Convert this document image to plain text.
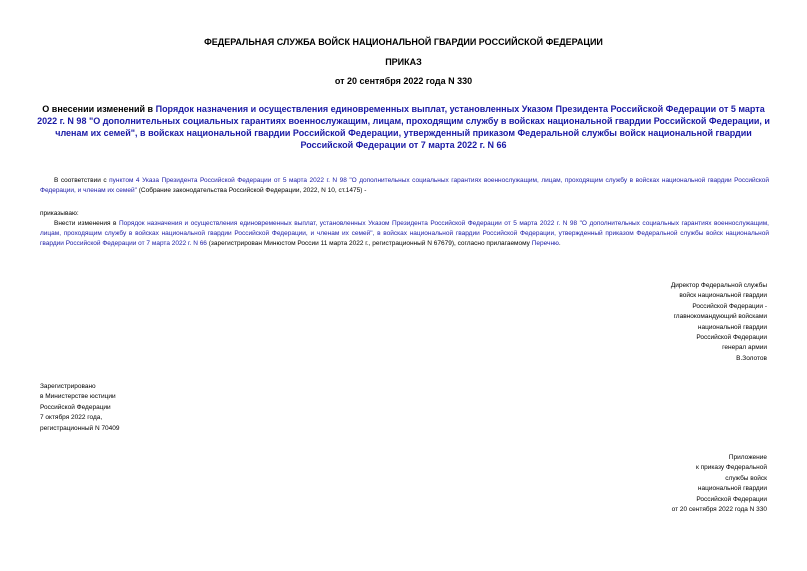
ФЕДЕРАЛЬНАЯ СЛУЖБА ВОЙСК НАЦИОНАЛЬНОЙ ГВАРДИИ РОССИЙСКОЙ ФЕДЕРАЦИИ
ПРИКАЗ
от 20 сентября 2022 года N 330
О внесении изменений в Порядок назначения и осуществления единовременных выплат, установленных Указом Президента Российской Федерации от 5 марта 2022 г. N 98 "О дополнительных социальных гарантиях военнослужащим, лицам, проходящим службу в войсках национальной гвардии Российской Федерации, и членам их семей", в войсках национальной гвардии Российской Федерации, утвержденный приказом Федеральной службы войск национальной гвардии Российской Федерации от 7 марта 2022 г. N 66
В соответствии с пунктом 4 Указа Президента Российской Федерации от 5 марта 2022 г. N 98 "О дополнительных социальных гарантиях военнослужащим, лицам, проходящим службу в войсках национальной гвардии Российской Федерации, и членам их семей" (Собрание законодательства Российской Федерации, 2022, N 10, ст.1475) -
приказываю:
Внести изменения в Порядок назначения и осуществления единовременных выплат, установленных Указом Президента Российской Федерации от 5 марта 2022 г. N 98 "О дополнительных социальных гарантиях военнослужащим, лицам, проходящим службу в войсках национальной гвардии Российской Федерации, и членам их семей", в войсках национальной гвардии Российской Федерации, утвержденный приказом Федеральной службы войск национальной гвардии Российской Федерации от 7 марта 2022 г. N 66 (зарегистрирован Минюстом России 11 марта 2022 г., регистрационный N 67679), согласно прилагаемому Перечню.
Директор Федеральной службы
войск национальной гвардии
Российской Федерации -
главнокомандующий войсками
национальной гвардии
Российской Федерации
генерал армии
В.Золотов
Зарегистрировано
в Министерстве юстиции
Российской Федерации
7 октября 2022 года,
регистрационный N 70409
Приложение
к приказу Федеральной
службы войск
национальной гвардии
Российской Федерации
от 20 сентября 2022 года N 330
